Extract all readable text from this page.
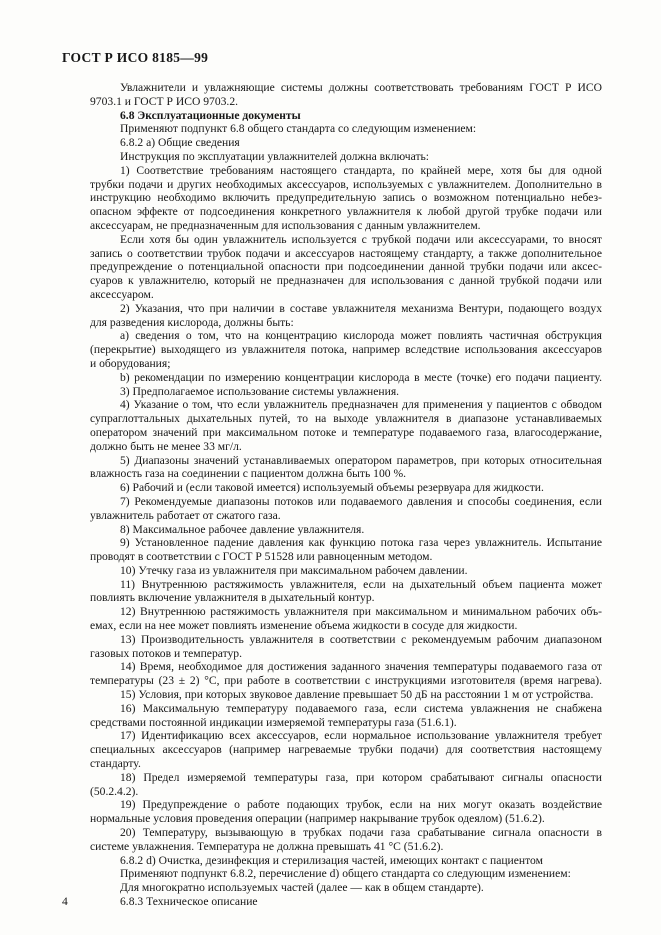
ГОСТ Р ИСО 8185—99
Увлажнители и увлажняющие системы должны соответствовать требованиям ГОСТ Р ИСО
9703.1 и ГОСТ Р ИСО 9703.2.
6.8 Эксплуатационные документы
Применяют подпункт 6.8 общего стандарта со следующим изменением:
6.8.2 а) Общие сведения
Инструкция по эксплуатации увлажнителей должна включать:
1) Соответствие требованиям настоящего стандарта, по крайней мере, хотя бы для одной
трубки подачи и других необходимых аксессуаров, используемых с увлажнителем. Дополнительно в
инструкцию необходимо включить предупредительную запись о возможном потенциально небез-
опасном эффекте от подсоединения конкретного увлажнителя к любой другой трубке подачи или
аксессуарам, не предназначенным для использования с данным увлажнителем.
Если хотя бы один увлажнитель используется с трубкой подачи или аксессуарами, то вносят
запись о соответствии трубок подачи и аксессуаров настоящему стандарту, а также дополнительное
предупреждение о потенциальной опасности при подсоединении данной трубки подачи или аксес-
суаров к увлажнителю, который не предназначен для использования с данной трубкой подачи или
аксессуаром.
2) Указания, что при наличии в составе увлажнителя механизма Вентури, подающего воздух
для разведения кислорода, должны быть:
а) сведения о том, что на концентрацию кислорода может повлиять частичная обструкция
(перекрытие) выходящего из увлажнителя потока, например вследствие использования аксессуаров
и оборудования;
b) рекомендации по измерению концентрации кислорода в месте (точке) его подачи пациенту.
3) Предполагаемое использование системы увлажнения.
4) Указание о том, что если увлажнитель предназначен для применения у пациентов с обводом
супраглоттальных дыхательных путей, то на выходе увлажнителя в диапазоне устанавливаемых
оператором значений при максимальном потоке и температуре подаваемого газа, влагосодержание,
должно быть не менее 33 мг/л.
5) Диапазоны значений устанавливаемых оператором параметров, при которых относительная
влажность газа на соединении с пациентом должна быть 100 %.
6) Рабочий и (если таковой имеется) используемый объемы резервуара для жидкости.
7) Рекомендуемые диапазоны потоков или подаваемого давления и способы соединения, если
увлажнитель работает от сжатого газа.
8) Максимальное рабочее давление увлажнителя.
9) Установленное падение давления как функцию потока газа через увлажнитель. Испытание
проводят в соответствии с ГОСТ Р 51528 или равноценным методом.
10) Утечку газа из увлажнителя при максимальном рабочем давлении.
11) Внутреннюю растяжимость увлажнителя, если на дыхательный объем пациента может
повлиять включение увлажнителя в дыхательный контур.
12) Внутреннюю растяжимость увлажнителя при максимальном и минимальном рабочих объ-
емах, если на нее может повлиять изменение объема жидкости в сосуде для жидкости.
13) Производительность увлажнителя в соответствии с рекомендуемым рабочим диапазоном
газовых потоков и температур.
14) Время, необходимое для достижения заданного значения температуры подаваемого газа от
температуры (23 ± 2) °С, при работе в соответствии с инструкциями изготовителя (время нагрева).
15) Условия, при которых звуковое давление превышает 50 дБ на расстоянии 1 м от устройства.
16) Максимальную температуру подаваемого газа, если система увлажнения не снабжена
средствами постоянной индикации измеряемой температуры газа (51.6.1).
17) Идентификацию всех аксессуаров, если нормальное использование увлажнителя требует
специальных аксессуаров (например нагреваемые трубки подачи) для соответствия настоящему
стандарту.
18) Предел измеряемой температуры газа, при котором срабатывают сигналы опасности
(50.2.4.2).
19) Предупреждение о работе подающих трубок, если на них могут оказать воздействие
нормальные условия проведения операции (например накрывание трубок одеялом) (51.6.2).
20) Температуру, вызывающую в трубках подачи газа срабатывание сигнала опасности в
системе увлажнения. Температура не должна превышать 41 °С (51.6.2).
6.8.2 d) Очистка, дезинфекция и стерилизация частей, имеющих контакт с пациентом
Применяют подпункт 6.8.2, перечисление d) общего стандарта со следующим изменением:
Для многократно используемых частей (далее — как в общем стандарте).
6.8.3 Техническое описание
4
